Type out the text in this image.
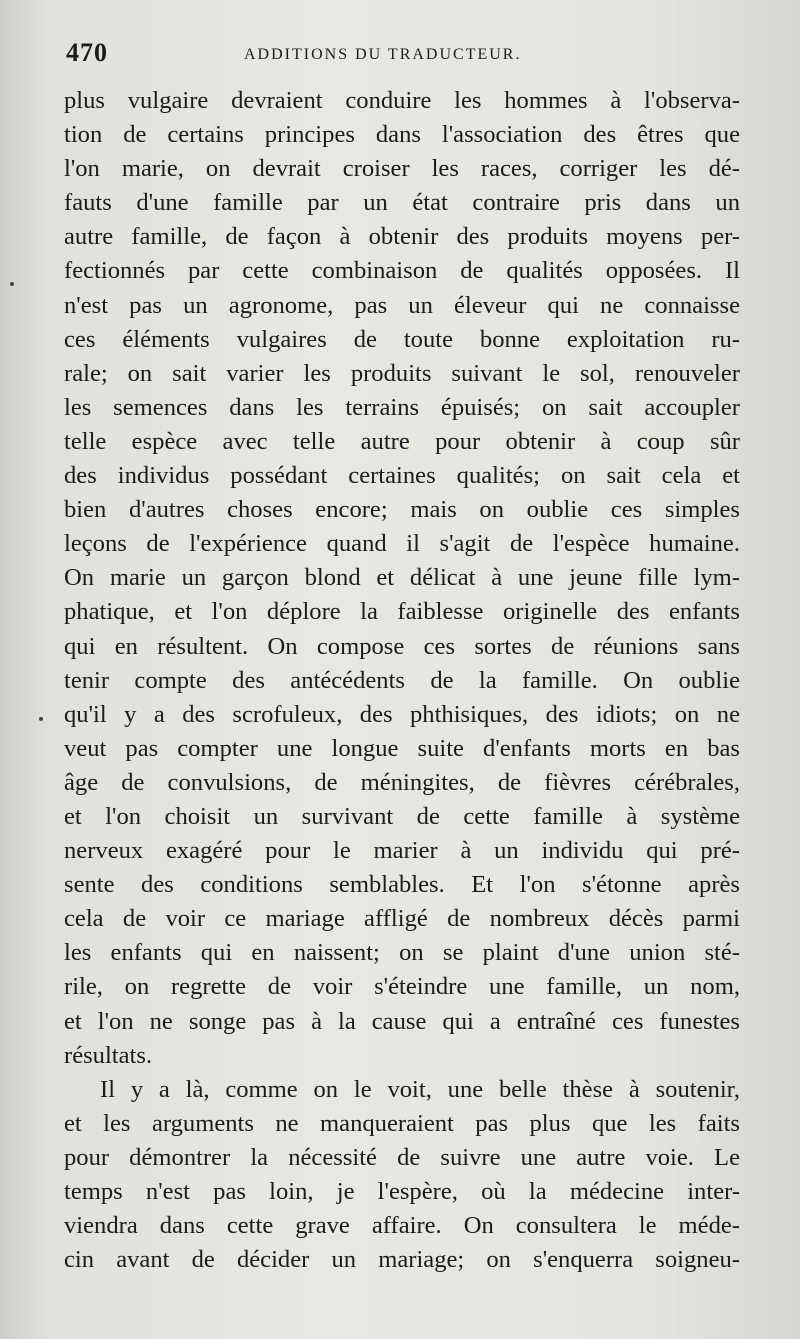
470	ADDITIONS DU TRADUCTEUR.
plus vulgaire devraient conduire les hommes à l'observa-
tion de certains principes dans l'association des êtres que
l'on marie, on devrait croiser les races, corriger les dé-
fauts d'une famille par un état contraire pris dans un
autre famille, de façon à obtenir des produits moyens per-
fectionnés par cette combinaison de qualités opposées. Il
n'est pas un agronome, pas un éleveur qui ne connaisse
ces éléments vulgaires de toute bonne exploitation ru-
rale; on sait varier les produits suivant le sol, renouveler
les semences dans les terrains épuisés; on sait accoupler
telle espèce avec telle autre pour obtenir à coup sûr
des individus possédant certaines qualités; on sait cela et
bien d'autres choses encore; mais on oublie ces simples
leçons de l'expérience quand il s'agit de l'espèce humaine.
On marie un garçon blond et délicat à une jeune fille lym-
phatique, et l'on déplore la faiblesse originelle des enfants
qui en résultent. On compose ces sortes de réunions sans
tenir compte des antécédents de la famille. On oublie
qu'il y a des scrofuleux, des phthisiques, des idiots; on ne
veut pas compter une longue suite d'enfants morts en bas
âge de convulsions, de méningites, de fièvres cérébrales,
et l'on choisit un survivant de cette famille à système
nerveux exagéré pour le marier à un individu qui pré-
sente des conditions semblables. Et l'on s'étonne après
cela de voir ce mariage affligé de nombreux décès parmi
les enfants qui en naissent; on se plaint d'une union sté-
rile, on regrette de voir s'éteindre une famille, un nom,
et l'on ne songe pas à la cause qui a entraîné ces funestes
résultats.
Il y a là, comme on le voit, une belle thèse à soutenir,
et les arguments ne manqueraient pas plus que les faits
pour démontrer la nécessité de suivre une autre voie. Le
temps n'est pas loin, je l'espère, où la médecine inter-
viendra dans cette grave affaire. On consultera le méde-
cin avant de décider un mariage; on s'enquerra soigneu-
